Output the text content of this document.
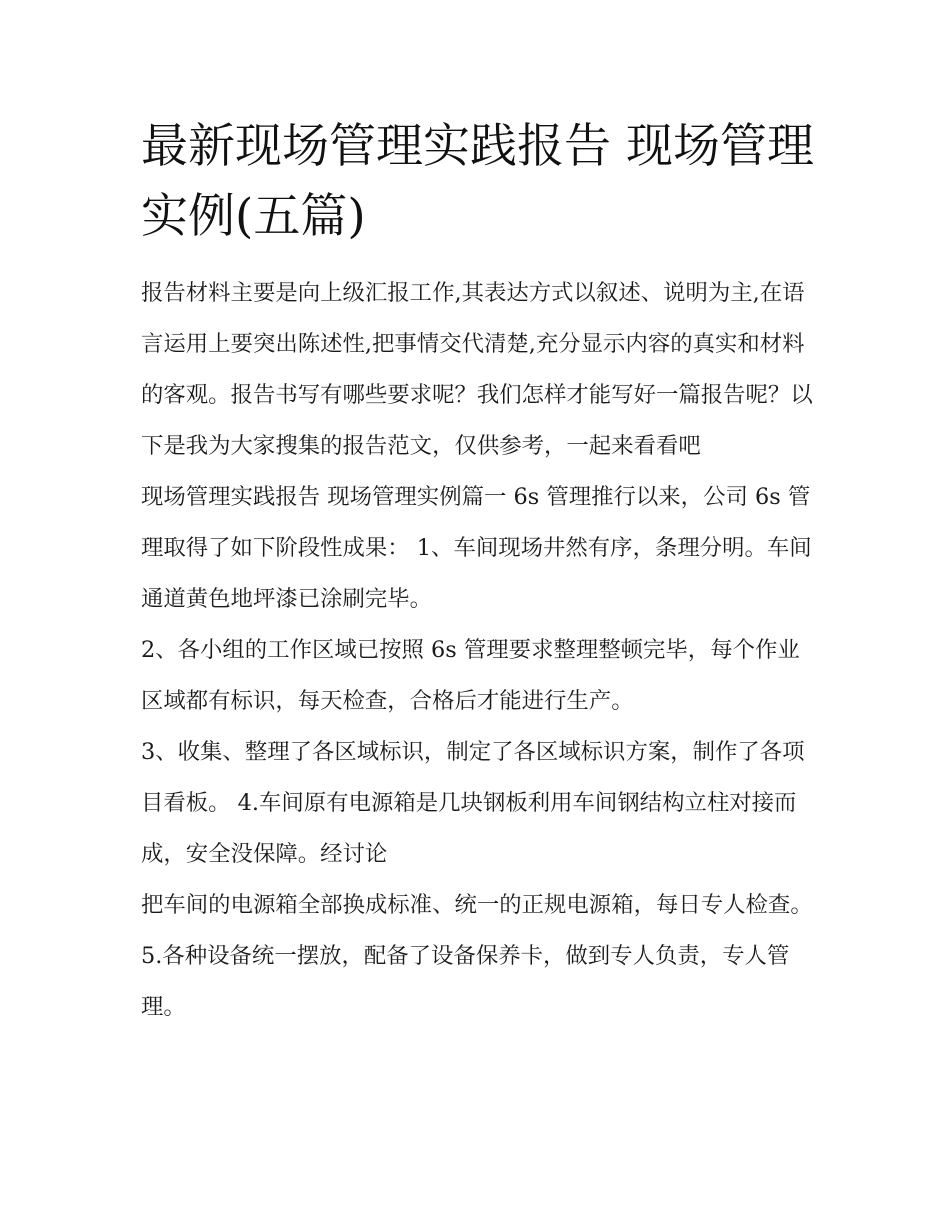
最新现场管理实践报告 现场管理实例(五篇)

报告材料主要是向上级汇报工作,其表达方式以叙述、说明为主,在语言运用上要突出陈述性,把事情交代清楚,充分显示内容的真实和材料的客观。报告书写有哪些要求呢？我们怎样才能写好一篇报告呢？以下是我为大家搜集的报告范文，仅供参考，一起来看看吧

现场管理实践报告 现场管理实例篇一 6s 管理推行以来，公司 6s 管理取得了如下阶段性成果： 1、车间现场井然有序，条理分明。车间通道黄色地坪漆已涂刷完毕。

2、各小组的工作区域已按照 6s 管理要求整理整顿完毕，每个作业区域都有标识，每天检查，合格后才能进行生产。

3、收集、整理了各区域标识，制定了各区域标识方案，制作了各项目看板。 4.车间原有电源箱是几块钢板利用车间钢结构立柱对接而成，安全没保障。经讨论

把车间的电源箱全部换成标准、统一的正规电源箱，每日专人检查。 5.各种设备统一摆放，配备了设备保养卡，做到专人负责，专人管理。
